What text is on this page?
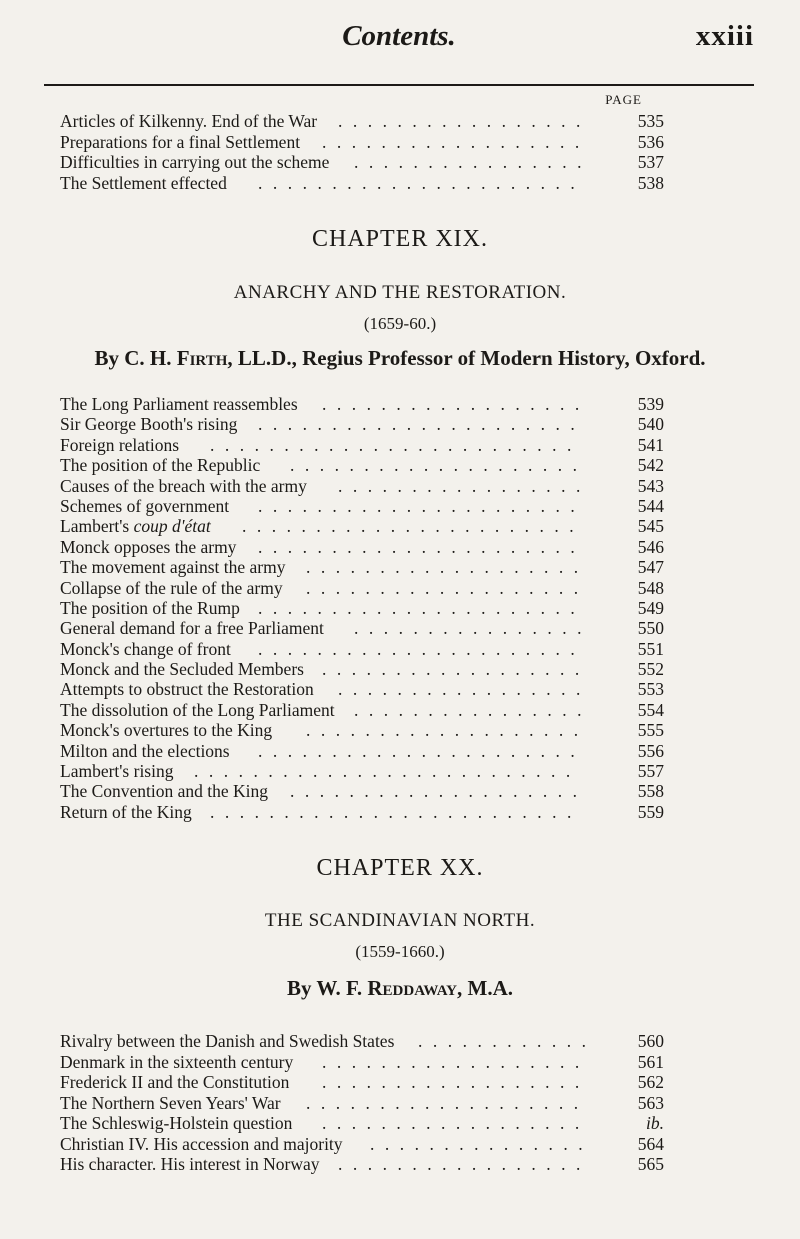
Contents.	xxiii
PAGE
Articles of Kilkenny. End of the War .................	535
Preparations for a final Settlement ..................	536
Difficulties in carrying out the scheme ................	537
The Settlement effected ......................	538
CHAPTER XIX.
ANARCHY AND THE RESTORATION.
(1659-60.)
By C. H. Firth, LL.D., Regius Professor of Modern History, Oxford.
The Long Parliament reassembles ..................	539
Sir George Booth's rising ......................	540
Foreign relations .........................	541
The position of the Republic ....................	542
Causes of the breach with the army .................	543
Schemes of government ......................	544
Lambert's coup d'état .......................	545
Monck opposes the army ......................	546
The movement against the army ...................	547
Collapse of the rule of the army ...................	548
The position of the Rump ......................	549
General demand for a free Parliament ................	550
Monck's change of front ......................	551
Monck and the Secluded Members ..................	552
Attempts to obstruct the Restoration .................	553
The dissolution of the Long Parliament ................	554
Monck's overtures to the King ...................	555
Milton and the elections ......................	556
Lambert's rising ..........................	557
The Convention and the King ....................	558
Return of the King .........................	559
CHAPTER XX.
THE SCANDINAVIAN NORTH.
(1559-1660.)
By W. F. Reddaway, M.A.
Rivalry between the Danish and Swedish States ............	560
Denmark in the sixteenth century ..................	561
Frederick II and the Constitution ..................	562
The Northern Seven Years' War ...................	563
The Schleswig-Holstein question ..................	ib.
Christian IV. His accession and majority ...............	564
His character. His interest in Norway .................	565
